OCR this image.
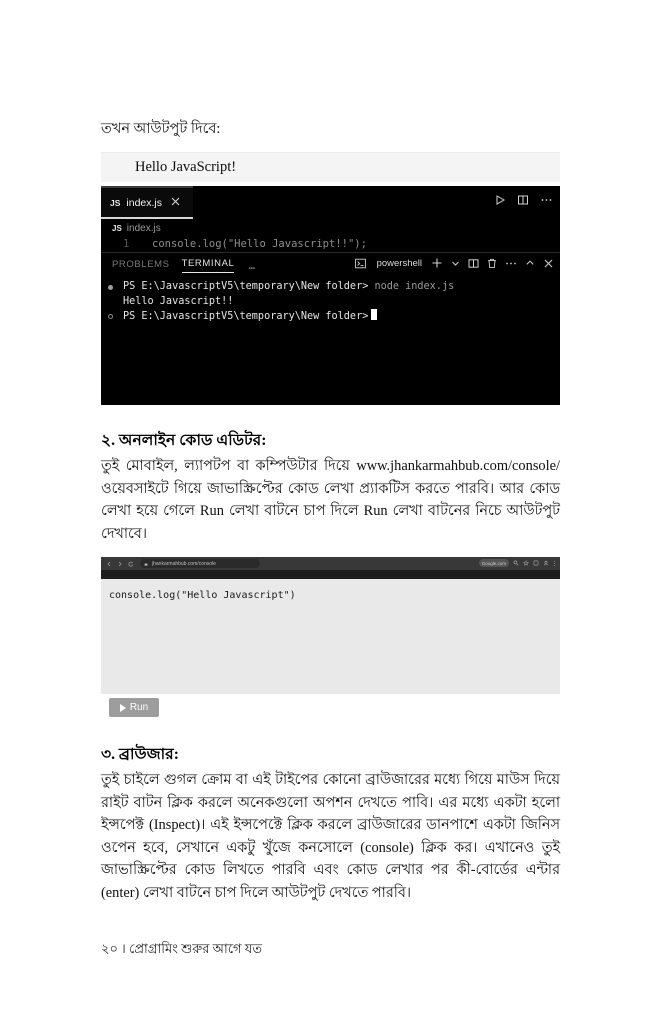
তখন আউটপুট দিবে:
Hello JavaScript!
JS index.js
JS index.js
1 console.log("Hello Javascript!!");
PROBLEMS TERMINAL …	powershell
PS E:\JavascriptV5\temporary\New folder> node index.js
Hello Javascript!!
PS E:\JavascriptV5\temporary\New folder>
২. অনলাইন কোড এডিটর:
তুই মোবাইল, ল্যাপটপ বা কম্পিউটার দিয়ে www.jhankarmahbub.com/console/ ওয়েবসাইটে গিয়ে জাভাস্ক্রিপ্টের কোড লেখা প্র্যাকটিস করতে পারবি। আর কোড লেখা হয়ে গেলে Run লেখা বাটনে চাপ দিলে Run লেখা বাটনের নিচে আউটপুট দেখাবে।
jhankarmahbub.com/console	Google.com
console.log("Hello Javascript")
Run
৩. ব্রাউজার:
তুই চাইলে গুগল ক্রোম বা এই টাইপের কোনো ব্রাউজারের মধ্যে গিয়ে মাউস দিয়ে রাইট বাটন ক্লিক করলে অনেকগুলো অপশন দেখতে পাবি। এর মধ্যে একটা হলো ইন্সপেক্ট (Inspect)। এই ইন্সপেক্টে ক্লিক করলে ব্রাউজারের ডানপাশে একটা জিনিস ওপেন হবে, সেখানে একটু খুঁজে কনসোলে (console) ক্লিক কর। এখানেও তুই জাভাস্ক্রিপ্টের কোড লিখতে পারবি এবং কোড লেখার পর কী-বোর্ডের এন্টার (enter) লেখা বাটনে চাপ দিলে আউটপুট দেখতে পারবি।
২০ । প্রোগ্রামিং শুরুর আগে যত
